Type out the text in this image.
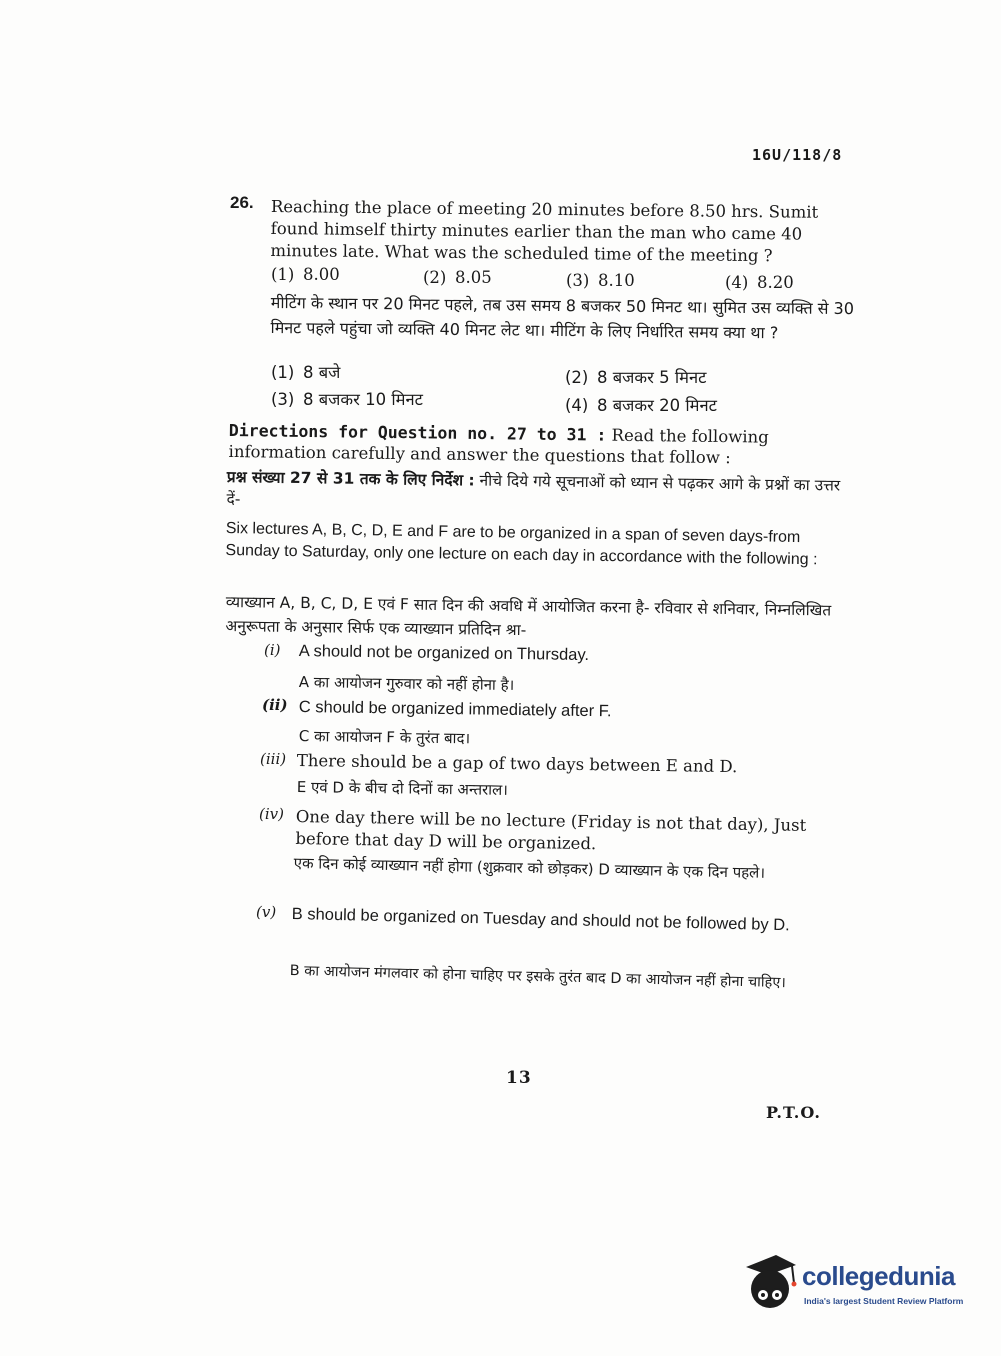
16U/118/8
26. Reaching the place of meeting 20 minutes before 8.50 hrs. Sumit found himself thirty minutes earlier than the man who came 40 minutes late. What was the scheduled time of the meeting ?
(1) 8.00	(2) 8.05	(3) 8.10	(4) 8.20
मीटिंग के स्थान पर 20 मिनट पहले, तब उस समय 8 बजकर 50 मिनट था। सुमित उस व्यक्ति से 30 मिनट पहले पहुंचा जो व्यक्ति 40 मिनट लेट था। मीटिंग के लिए निर्धारित समय क्या था ?
(1) 8 बजे	(2) 8 बजकर 5 मिनट
(3) 8 बजकर 10 मिनट	(4) 8 बजकर 20 मिनट
Directions for Question no. 27 to 31 : Read the following information carefully and answer the questions that follow :
प्रश्न संख्या 27 से 31 तक के लिए निर्देश : नीचे दिये गये सूचनाओं को ध्यान से पढ़कर आगे के प्रश्नों का उत्तर दें-
Six lectures A, B, C, D, E and F are to be organized in a span of seven days-from Sunday to Saturday, only one lecture on each day in accordance with the following :
व्याख्यान A, B, C, D, E एवं F सात दिन की अवधि में आयोजित करना है- रविवार से शनिवार, निम्नलिखित अनुरूपता के अनुसार सिर्फ एक व्याख्यान प्रतिदिन श्रा-
(i)	A should not be organized on Thursday.
A का आयोजन गुरुवार को नहीं होना है।
(ii) C should be organized immediately after F.
C का आयोजन F के तुरंत बाद।
(iii) There should be a gap of two days between E and D.
E एवं D के बीच दो दिनों का अन्तराल।
(iv) One day there will be no lecture (Friday is not that day), Just before that day D will be organized.
एक दिन कोई व्याख्यान नहीं होगा (शुक्रवार को छोड़कर) D व्याख्यान के एक दिन पहले।
(v) B should be organized on Tuesday and should not be followed by D.
B का आयोजन मंगलवार को होना चाहिए पर इसके तुरंत बाद D का आयोजन नहीं होना चाहिए।
13
P.T.O.
collegedunia
India's largest Student Review Platform
